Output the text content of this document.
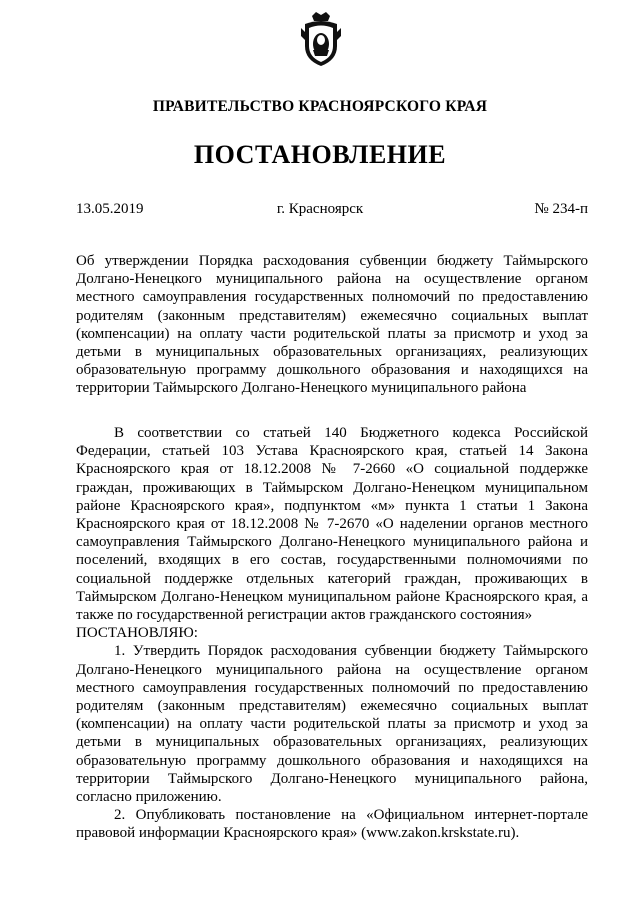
ПРАВИТЕЛЬСТВО КРАСНОЯРСКОГО КРАЯ
ПОСТАНОВЛЕНИЕ
13.05.2019	г. Красноярск	№ 234-п
Об утверждении Порядка расходования субвенции бюджету Таймырского Долгано-Ненецкого муниципального района на осуществление органом местного самоуправления государственных полномочий по предоставлению родителям (законным представителям) ежемесячно социальных выплат (компенсации) на оплату части родительской платы за присмотр и уход за детьми в муниципальных образовательных организациях, реализующих образовательную программу дошкольного образования и находящихся на территории Таймырского Долгано-Ненецкого муниципального района

В соответствии со статьей 140 Бюджетного кодекса Российской Федерации, статьей 103 Устава Красноярского края, статьей 14 Закона Красноярского края от 18.12.2008 № 7-2660 «О социальной поддержке граждан, проживающих в Таймырском Долгано-Ненецком муниципальном районе Красноярского края», подпунктом «м» пункта 1 статьи 1 Закона Красноярского края от 18.12.2008 № 7-2670 «О наделении органов местного самоуправления Таймырского Долгано-Ненецкого муниципального района и поселений, входящих в его состав, государственными полномочиями по социальной поддержке отдельных категорий граждан, проживающих в Таймырском Долгано-Ненецком муниципальном районе Красноярского края, а также по государственной регистрации актов гражданского состояния»

ПОСТАНОВЛЯЮ:

1. Утвердить Порядок расходования субвенции бюджету Таймырского Долгано-Ненецкого муниципального района на осуществление органом местного самоуправления государственных полномочий по предоставлению родителям (законным представителям) ежемесячно социальных выплат (компенсации) на оплату части родительской платы за присмотр и уход за детьми в муниципальных образовательных организациях, реализующих образовательную программу дошкольного образования и находящихся на территории Таймырского Долгано-Ненецкого муниципального района, согласно приложению.

2. Опубликовать постановление на «Официальном интернет-портале правовой информации Красноярского края» (www.zakon.krskstate.ru).
